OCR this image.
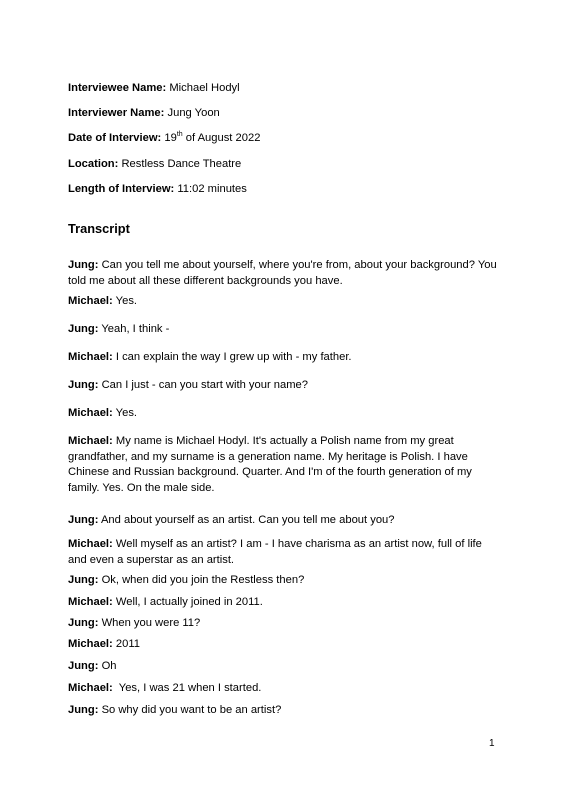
Interviewee Name: Michael Hodyl
Interviewer Name: Jung Yoon
Date of Interview: 19th of August 2022
Location: Restless Dance Theatre
Length of Interview: 11:02 minutes
Transcript
Jung: Can you tell me about yourself, where you're from, about your background? You told me about all these different backgrounds you have.
Michael: Yes.
Jung: Yeah, I think -
Michael: I can explain the way I grew up with - my father.
Jung: Can I just - can you start with your name?
Michael: Yes.
Michael: My name is Michael Hodyl. It's actually a Polish name from my great grandfather, and my surname is a generation name. My heritage is Polish. I have Chinese and Russian background. Quarter. And I'm of the fourth generation of my family. Yes. On the male side.
Jung: And about yourself as an artist. Can you tell me about you?
Michael: Well myself as an artist? I am - I have charisma as an artist now, full of life and even a superstar as an artist.
Jung: Ok, when did you join the Restless then?
Michael: Well, I actually joined in 2011.
Jung: When you were 11?
Michael: 2011
Jung: Oh
Michael:  Yes, I was 21 when I started.
Jung: So why did you want to be an artist?
1
